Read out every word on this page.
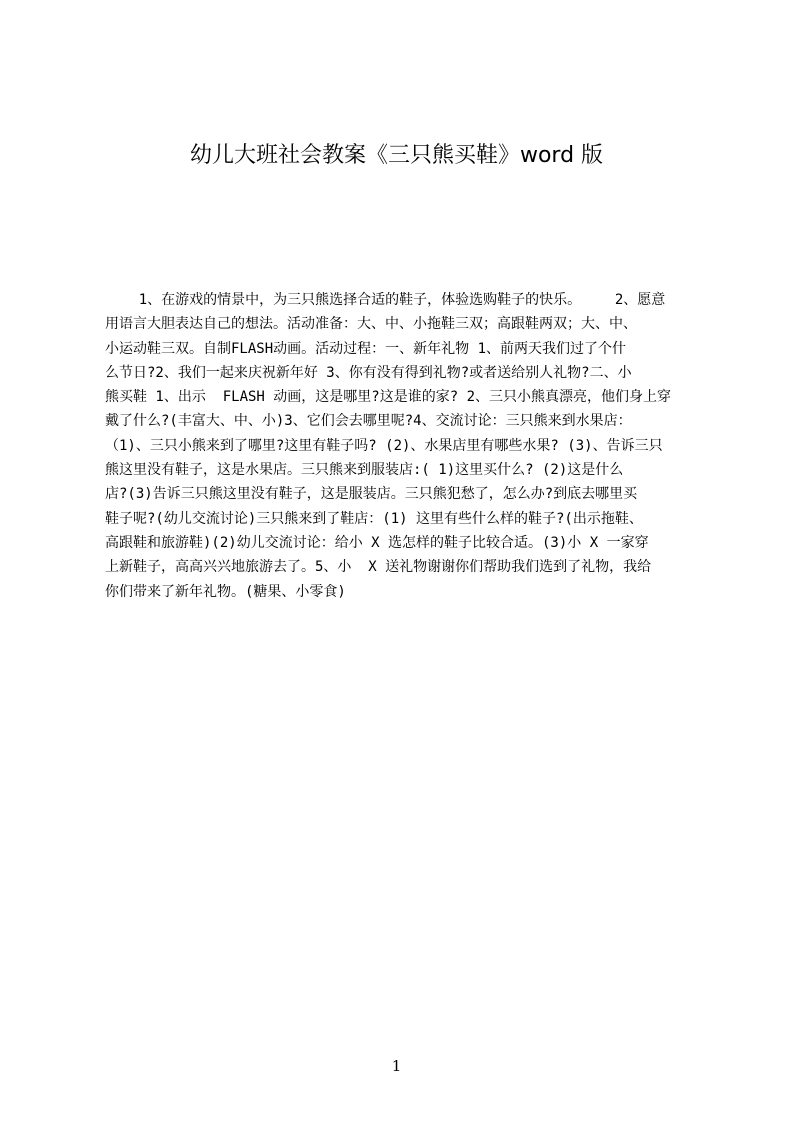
幼儿大班社会教案《三只熊买鞋》word 版
1、在游戏的情景中，为三只熊选择合适的鞋子，体验选购鞋子的快乐。    2、愿意
用语言大胆表达自己的想法。活动准备：大、中、小拖鞋三双；高跟鞋两双；大、中、
小运动鞋三双。自制FLASH动画。活动过程：一、新年礼物 1、前两天我们过了个什
么节日?2、我们一起来庆祝新年好 3、你有没有得到礼物?或者送给别人礼物?二、小
熊买鞋 1、出示  FLASH 动画，这是哪里?这是谁的家? 2、三只小熊真漂亮，他们身上穿
戴了什么?(丰富大、中、小)3、它们会去哪里呢?4、交流讨论：三只熊来到水果店：
（1)、三只小熊来到了哪里?这里有鞋子吗? (2)、水果店里有哪些水果? (3)、告诉三只
熊这里没有鞋子，这是水果店。三只熊来到服装店:( 1)这里买什么? (2)这是什么
店?(3)告诉三只熊这里没有鞋子，这是服装店。三只熊犯愁了，怎么办?到底去哪里买
鞋子呢?(幼儿交流讨论)三只熊来到了鞋店：(1) 这里有些什么样的鞋子?(出示拖鞋、
高跟鞋和旅游鞋)(2)幼儿交流讨论：给小 X 选怎样的鞋子比较合适。(3)小 X 一家穿
上新鞋子，高高兴兴地旅游去了。5、小  X 送礼物谢谢你们帮助我们选到了礼物，我给
你们带来了新年礼物。(糖果、小零食)
1
